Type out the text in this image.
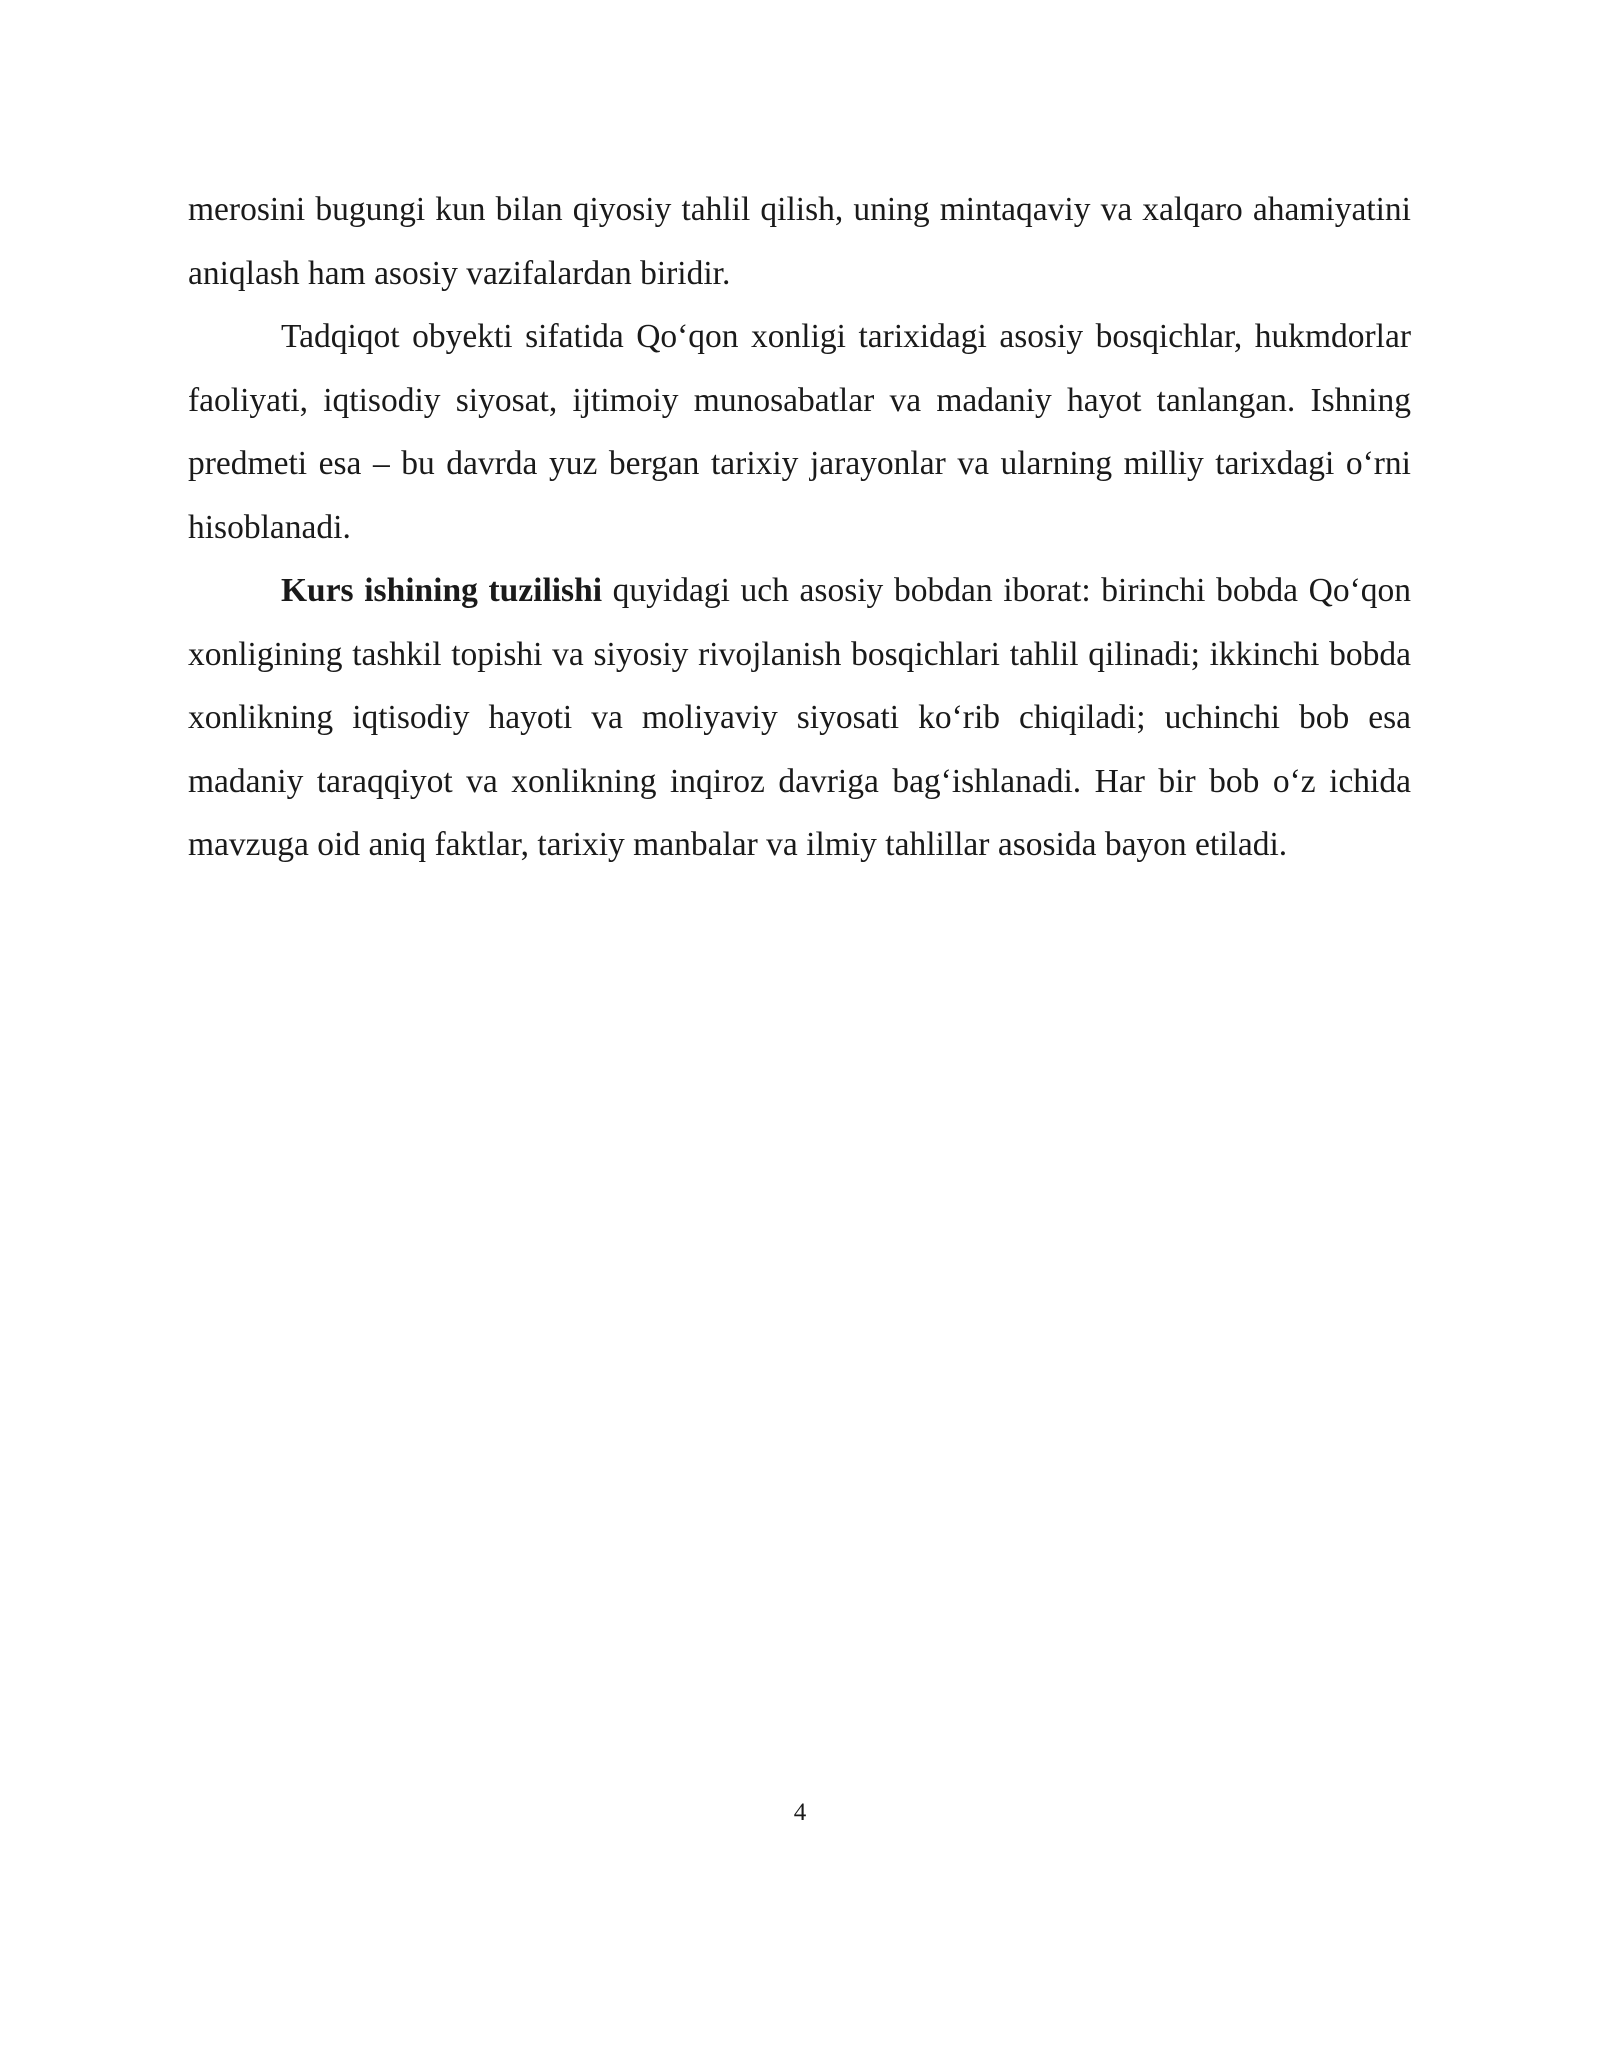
merosini bugungi kun bilan qiyosiy tahlil qilish, uning mintaqaviy va xalqaro ahamiyatini aniqlash ham asosiy vazifalardan biridir.

Tadqiqot obyekti sifatida Qo‘qon xonligi tarixidagi asosiy bosqichlar, hukmdorlar faoliyati, iqtisodiy siyosat, ijtimoiy munosabatlar va madaniy hayot tanlangan. Ishning predmeti esa – bu davrda yuz bergan tarixiy jarayonlar va ularning milliy tarixdagi o‘rni hisoblanadi.

Kurs ishining tuzilishi quyidagi uch asosiy bobdan iborat: birinchi bobda Qo‘qon xonligining tashkil topishi va siyosiy rivojlanish bosqichlari tahlil qilinadi; ikkinchi bobda xonlikning iqtisodiy hayoti va moliyaviy siyosati ko‘rib chiqiladi; uchinchi bob esa madaniy taraqqiyot va xonlikning inqiroz davriga bag‘ishlanadi. Har bir bob o‘z ichida mavzuga oid aniq faktlar, tarixiy manbalar va ilmiy tahlillar asosida bayon etiladi.

4
